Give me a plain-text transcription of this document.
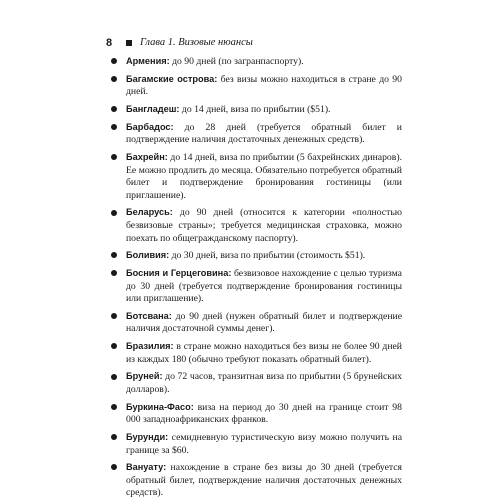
8	Глава 1. Визовые нюансы
Армения: до 90 дней (по загранпаспорту).
Багамские острова: без визы можно находиться в стране до 90 дней.
Бангладеш: до 14 дней, виза по прибытии ($51).
Барбадос: до 28 дней (требуется обратный билет и подтверждение наличия достаточных денежных средств).
Бахрейн: до 14 дней, виза по прибытии (5 бахрейнских динаров). Ее можно продлить до месяца. Обязательно потребуется обратный билет и подтверждение бронирования гостиницы (или приглашение).
Беларусь: до 90 дней (относится к категории «полностью безвизовые страны»; требуется медицинская страховка, можно поехать по общегражданскому паспорту).
Боливия: до 30 дней, виза по прибытии (стоимость $51).
Босния и Герцеговина: безвизовое нахождение с целью туризма до 30 дней (требуется подтверждение бронирования гостиницы или приглашение).
Ботсвана: до 90 дней (нужен обратный билет и подтверждение наличия достаточной суммы денег).
Бразилия: в стране можно находиться без визы не более 90 дней из каждых 180 (обычно требуют показать обратный билет).
Бруней: до 72 часов, транзитная виза по прибытии (5 брунейских долларов).
Буркина-Фасо: виза на период до 30 дней на границе стоит 98 000 западноафриканских франков.
Бурунди: семидневную туристическую визу можно получить на границе за $60.
Вануату: нахождение в стране без визы до 30 дней (требуется обратный билет, подтверждение наличия достаточных денежных средств).
